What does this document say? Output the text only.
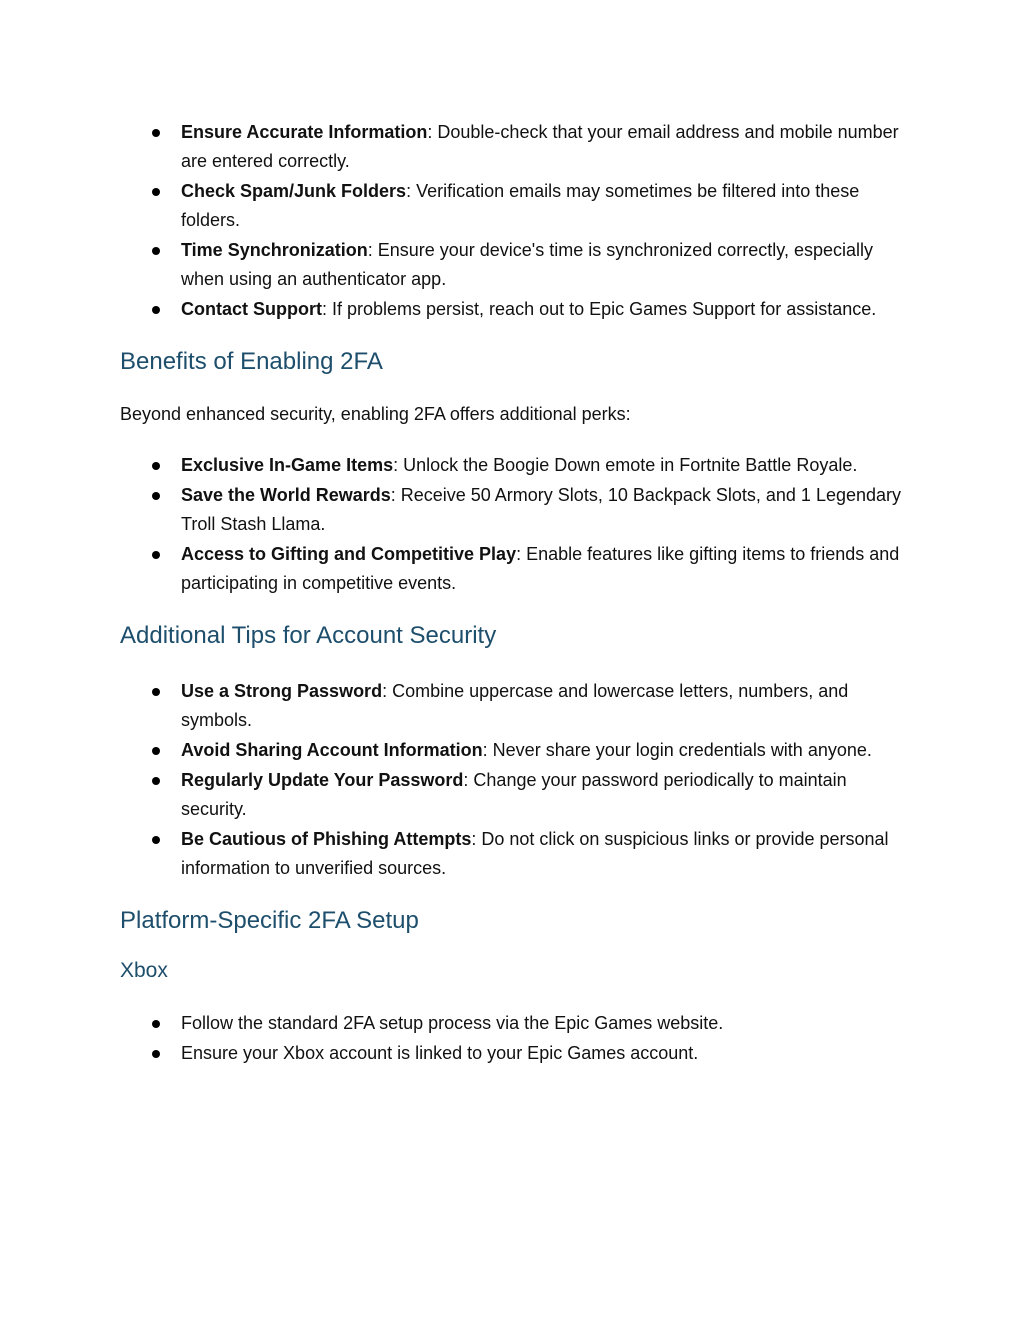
Ensure Accurate Information: Double-check that your email address and mobile number are entered correctly.
Check Spam/Junk Folders: Verification emails may sometimes be filtered into these folders.
Time Synchronization: Ensure your device's time is synchronized correctly, especially when using an authenticator app.
Contact Support: If problems persist, reach out to Epic Games Support for assistance.
Benefits of Enabling 2FA

Beyond enhanced security, enabling 2FA offers additional perks:

Exclusive In-Game Items: Unlock the Boogie Down emote in Fortnite Battle Royale.
Save the World Rewards: Receive 50 Armory Slots, 10 Backpack Slots, and 1 Legendary Troll Stash Llama.
Access to Gifting and Competitive Play: Enable features like gifting items to friends and participating in competitive events.
Additional Tips for Account Security
Use a Strong Password: Combine uppercase and lowercase letters, numbers, and symbols.
Avoid Sharing Account Information: Never share your login credentials with anyone.
Regularly Update Your Password: Change your password periodically to maintain security.
Be Cautious of Phishing Attempts: Do not click on suspicious links or provide personal information to unverified sources.
Platform-Specific 2FA Setup
Xbox
Follow the standard 2FA setup process via the Epic Games website.
Ensure your Xbox account is linked to your Epic Games account.
